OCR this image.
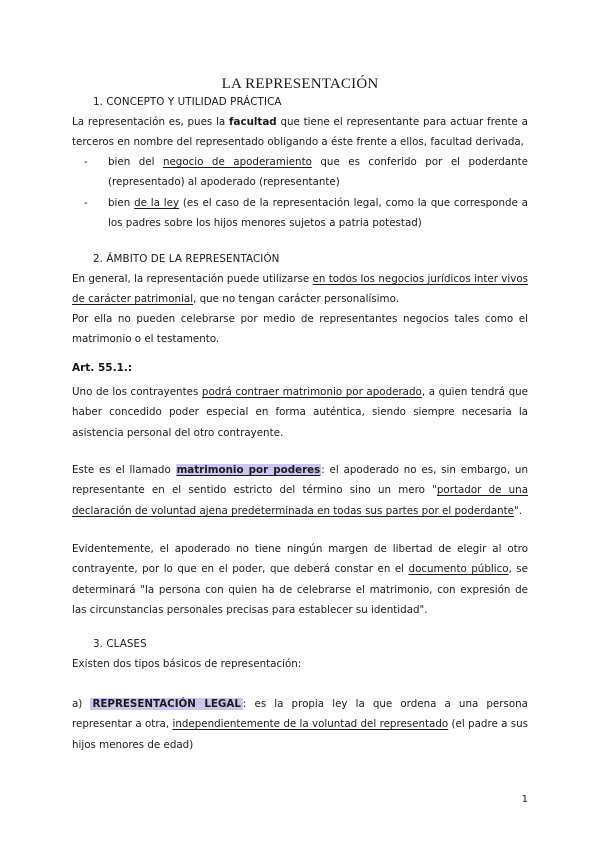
LA REPRESENTACIÓN
1. CONCEPTO Y UTILIDAD PRÁCTICA
La representación es, pues la facultad que tiene el representante para actuar frente a terceros en nombre del representado obligando a éste frente a ellos, facultad derivada,
- bien del negocio de apoderamiento que es conferido por el poderdante (representado) al apoderado (representante)
- bien de la ley (es el caso de la representación legal, como la que corresponde a los padres sobre los hijos menores sujetos a patria potestad)
2. ÁMBITO DE LA REPRESENTACIÓN
En general, la representación puede utilizarse en todos los negocios jurídicos inter vivos de carácter patrimonial, que no tengan carácter personalísimo.
Por ella no pueden celebrarse por medio de representantes negocios tales como el matrimonio o el testamento.
Art. 55.1.:
Uno de los contrayentes podrá contraer matrimonio por apoderado, a quien tendrá que haber concedido poder especial en forma auténtica, siendo siempre necesaria la asistencia personal del otro contrayente.
Este es el llamado matrimonio por poderes: el apoderado no es, sin embargo, un representante en el sentido estricto del término sino un mero "portador de una declaración de voluntad ajena predeterminada en todas sus partes por el poderdante".
Evidentemente, el apoderado no tiene ningún margen de libertad de elegir al otro contrayente, por lo que en el poder, que deberá constar en el documento público, se determinará "la persona con quien ha de celebrarse el matrimonio, con expresión de las circunstancias personales precisas para establecer su identidad".
3. CLASES
Existen dos tipos básicos de representación:
a) REPRESENTACIÓN LEGAL : es la propia ley la que ordena a una persona representar a otra, independientemente de la voluntad del representado (el padre a sus hijos menores de edad)
1
